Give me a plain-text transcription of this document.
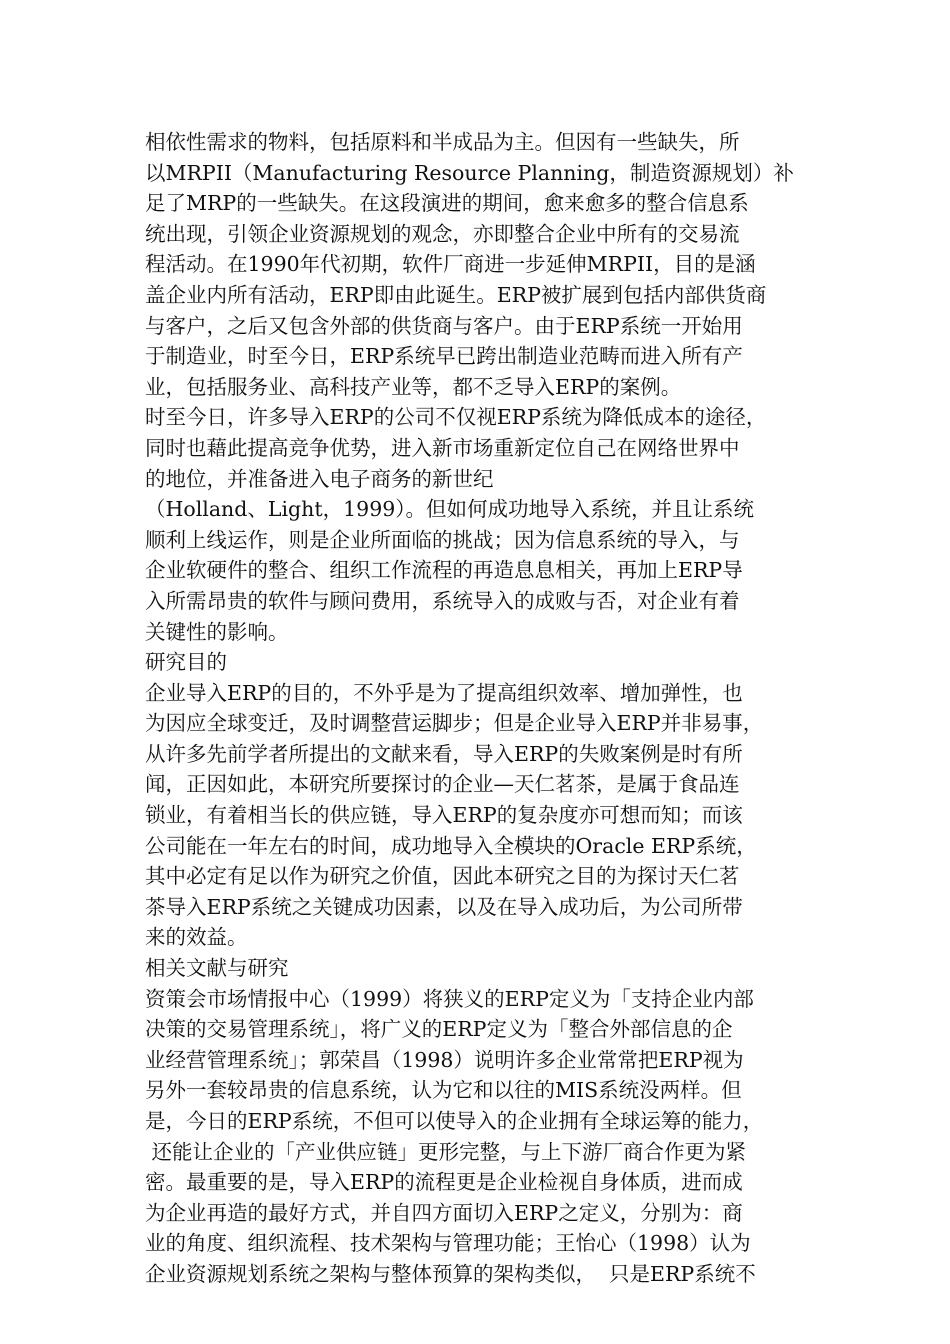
相依性需求的物料，包括原料和半成品为主。但因有一些缺失，所
以MRPII（Manufacturing Resource Planning，制造资源规划）补
足了MRP的一些缺失。在这段演进的期间，愈来愈多的整合信息系
统出现，引领企业资源规划的观念，亦即整合企业中所有的交易流
程活动。在1990年代初期，软件厂商进一步延伸MRPII，目的是涵
盖企业内所有活动，ERP即由此诞生。ERP被扩展到包括内部供货商
与客户，之后又包含外部的供货商与客户。由于ERP系统一开始用
于制造业，时至今日，ERP系统早已跨出制造业范畴而进入所有产
业，包括服务业、高科技产业等，都不乏导入ERP的案例。
时至今日，许多导入ERP的公司不仅视ERP系统为降低成本的途径，
同时也藉此提高竞争优势，进入新市场重新定位自己在网络世界中
的地位，并准备进入电子商务的新世纪
（Holland、Light，1999）。但如何成功地导入系统，并且让系统
顺利上线运作，则是企业所面临的挑战；因为信息系统的导入，与
企业软硬件的整合、组织工作流程的再造息息相关，再加上ERP导
入所需昂贵的软件与顾问费用，系统导入的成败与否，对企业有着
关键性的影响。
研究目的
企业导入ERP的目的，不外乎是为了提高组织效率、增加弹性，也
为因应全球变迁，及时调整营运脚步；但是企业导入ERP并非易事，
从许多先前学者所提出的文献来看，导入ERP的失败案例是时有所
闻，正因如此，本研究所要探讨的企业—天仁茗茶，是属于食品连
锁业，有着相当长的供应链，导入ERP的复杂度亦可想而知；而该
公司能在一年左右的时间，成功地导入全模块的Oracle ERP系统，
其中必定有足以作为研究之价值，因此本研究之目的为探讨天仁茗
茶导入ERP系统之关键成功因素，以及在导入成功后，为公司所带
来的效益。
相关文献与研究
资策会市场情报中心（1999）将狭义的ERP定义为「支持企业内部
决策的交易管理系统」，将广义的ERP定义为「整合外部信息的企
业经营管理系统」；郭荣昌（1998）说明许多企业常常把ERP视为
另外一套较昂贵的信息系统，认为它和以往的MIS系统没两样。但
是，今日的ERP系统，不但可以使导入的企业拥有全球运筹的能力，
还能让企业的「产业供应链」更形完整，与上下游厂商合作更为紧
密。最重要的是，导入ERP的流程更是企业检视自身体质，进而成
为企业再造的最好方式，并自四方面切入ERP之定义，分别为：商
业的角度、组织流程、技术架构与管理功能；王怡心（1998）认为
企业资源规划系统之架构与整体预算的架构类似，  只是ERP系统不
